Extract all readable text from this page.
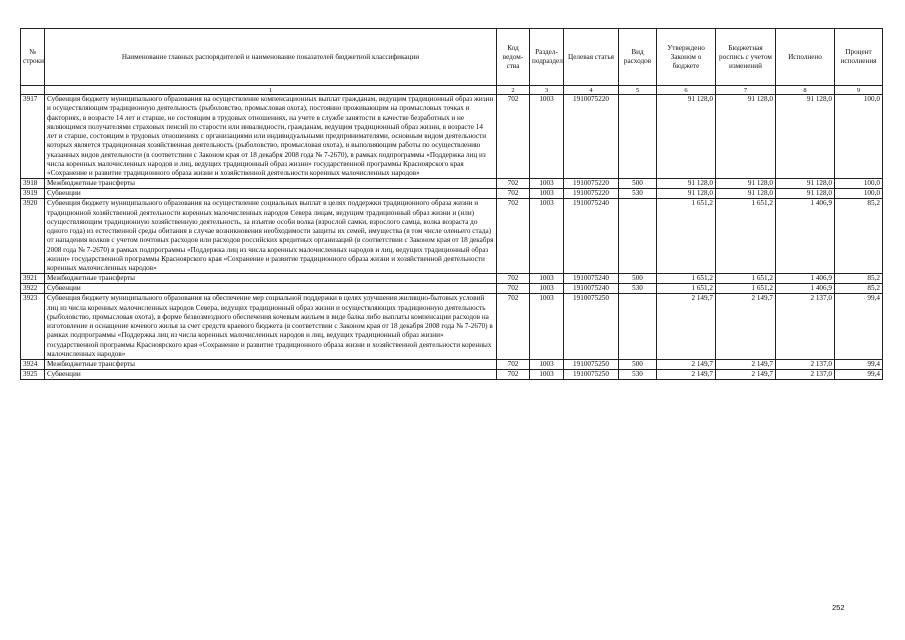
№ строки	Наименование главных распорядителей и наименование показателей бюджетной классификации	Код ведом-ства	Раздел-подраздел	Целевая статья	Вид расходов	Утверждено Законом о бюджете	Бюджетная роспись с учетом изменений	Исполнено	Процент исполнения
	1	2	3	4	5	6	7	8	9
3917	Субвенция бюджету муниципального образования на осуществление компенсационных выплат гражданам, ведущим традиционный образ жизни и осуществляющим традиционную деятельность (рыболовство, промысловая охота), постоянно проживающим на промысловых точках и факториях, в возрасте 14 лет и старше, не состоящим в трудовых отношениях, на учете в службе занятости в качестве безработных и не являющимся получателями страховых пенсий по старости или инвалидности, гражданам, ведущим традиционный образ жизни, в возрасте 14 лет и старше, состоящим в трудовых отношениях с организациями или индивидуальными предпринимателями, основным видом деятельности которых является традиционная хозяйственная деятельность (рыболовство, промысловая охота), и выполняющим работы по осуществлению указанных видов деятельности (в соответствии с Законом края от 18 декабря 2008 года № 7-2670), в рамках подпрограммы «Поддержка лиц из числа коренных малочисленных народов и лиц, ведущих традиционный образ жизни» государственной программы Красноярского края «Сохранение и развитие традиционного образа жизни и хозяйственной деятельности коренных малочисленных народов»	702	1003	1910075220		91 128,0	91 128,0	91 128,0	100,0
3918	Межбюджетные трансферты	702	1003	1910075220	500	91 128,0	91 128,0	91 128,0	100,0
3919	Субвенции	702	1003	1910075220	530	91 128,0	91 128,0	91 128,0	100,0
3920	Субвенция бюджету муниципального образования на осуществление социальных выплат в целях поддержки традиционного образа жизни и традиционной хозяйственной деятельности коренных малочисленных народов Севера лицам, ведущим традиционный образ жизни и (или) осуществляющим традиционную хозяйственную деятельность, за изъятие особи волка (взрослой самки, взрослого самца, волка возраста до одного года) из естественной среды обитания в случае возникновения необходимости защиты их семей, имущества (в том числе оленьего стада) от нападения волков с учетом почтовых расходов или расходов российских кредитных организаций (в соответствии с Законом края от 18 декабря 2008 года № 7-2670) в рамках подпрограммы «Поддержка лиц из числа коренных малочисленных народов и лиц, ведущих традиционный образ жизни» государственной программы Красноярского края «Сохранение и развитие традиционного образа жизни и хозяйственной деятельности коренных малочисленных народов»	702	1003	1910075240		1 651,2	1 651,2	1 406,9	85,2
3921	Межбюджетные трансферты	702	1003	1910075240	500	1 651,2	1 651,2	1 406,9	85,2
3922	Субвенции	702	1003	1910075240	530	1 651,2	1 651,2	1 406,9	85,2
3923	Субвенция бюджету муниципального образования на обеспечение мер социальной поддержки в целях улучшения жилищно-бытовых условий лиц из числа коренных малочисленных народов Севера, ведущих традиционный образ жизни и осуществляющих традиционную деятельность (рыболовство, промысловая охота), в форме безвозмездного обеспечения кочевым жильем в виде балка либо выплаты компенсации расходов на изготовление и оснащение кочевого жилья за счет средств краевого бюджета (в соответствии с Законом края от 18 декабря 2008 года № 7-2670) в рамках подпрограммы «Поддержка лиц из числа коренных малочисленных народов и лиц, ведущих традиционный образ жизни» государственной программы Красноярского края «Сохранение и развитие традиционного образа жизни и хозяйственной деятельности коренных малочисленных народов»	702	1003	1910075250		2 149,7	2 149,7	2 137,0	99,4
3924	Межбюджетные трансферты	702	1003	1910075250	500	2 149,7	2 149,7	2 137,0	99,4
3925	Субвенции	702	1003	1910075250	530	2 149,7	2 149,7	2 137,0	99,4
252
